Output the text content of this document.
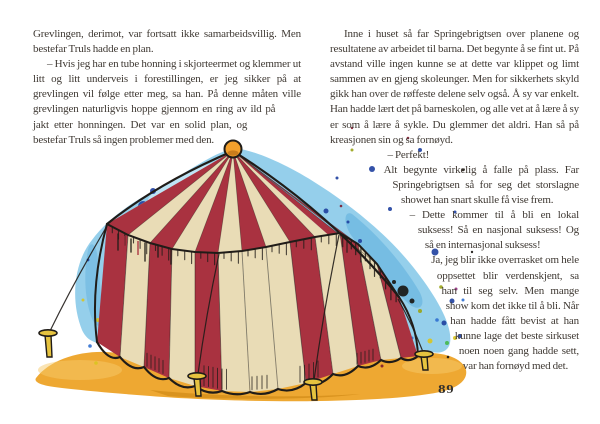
Grevlingen, derimot, var fortsatt ikke samarbeidsvillig. Men bestefar Truls hadde en plan.

– Hvis jeg har en tube honning i skjorteermet og klemmer ut litt og litt underveis i forestillingen, er jeg sikker på at grevlingen vil følge etter meg, sa han. På denne måten ville grevlingen naturligvis hoppe gjennom en ring av ild på jakt etter honningen. Det var en solid plan, og bestefar Truls så ingen problemer med den.

Inne i huset så far Springebrigtsen over planene og resultatene av arbeidet til barna. Det begynte å se fint ut. På avstand ville ingen kunne se at dette var klippet og limt sammen av en gjeng skoleunger. Men for sikkerhets skyld gikk han over de røffeste delene selv også. Å sy var enkelt. Han hadde lært det på barneskolen, og alle vet at å lære å sy er som å lære å sykle. Du glemmer det aldri. Han så på kreasjonen sin og sa fornøyd.

– Perfekt!

Alt begynte virkelig å falle på plass. Far Springebrigtsen så for seg det storslagne showet han snart skulle få vise frem.

– Dette kommer til å bli en lokal suksess! Så en nasjonal suksess! Og så en internasjonal suksess!

Ja, jeg blir ikke overrasket om hele oppsettet blir verdenskjent, sa han til seg selv. Men mange show kom det ikke til å bli. Når han hadde fått bevist at han kunne lage det beste sirkuset noen noen gang hadde sett, var han fornøyd med det.

89
